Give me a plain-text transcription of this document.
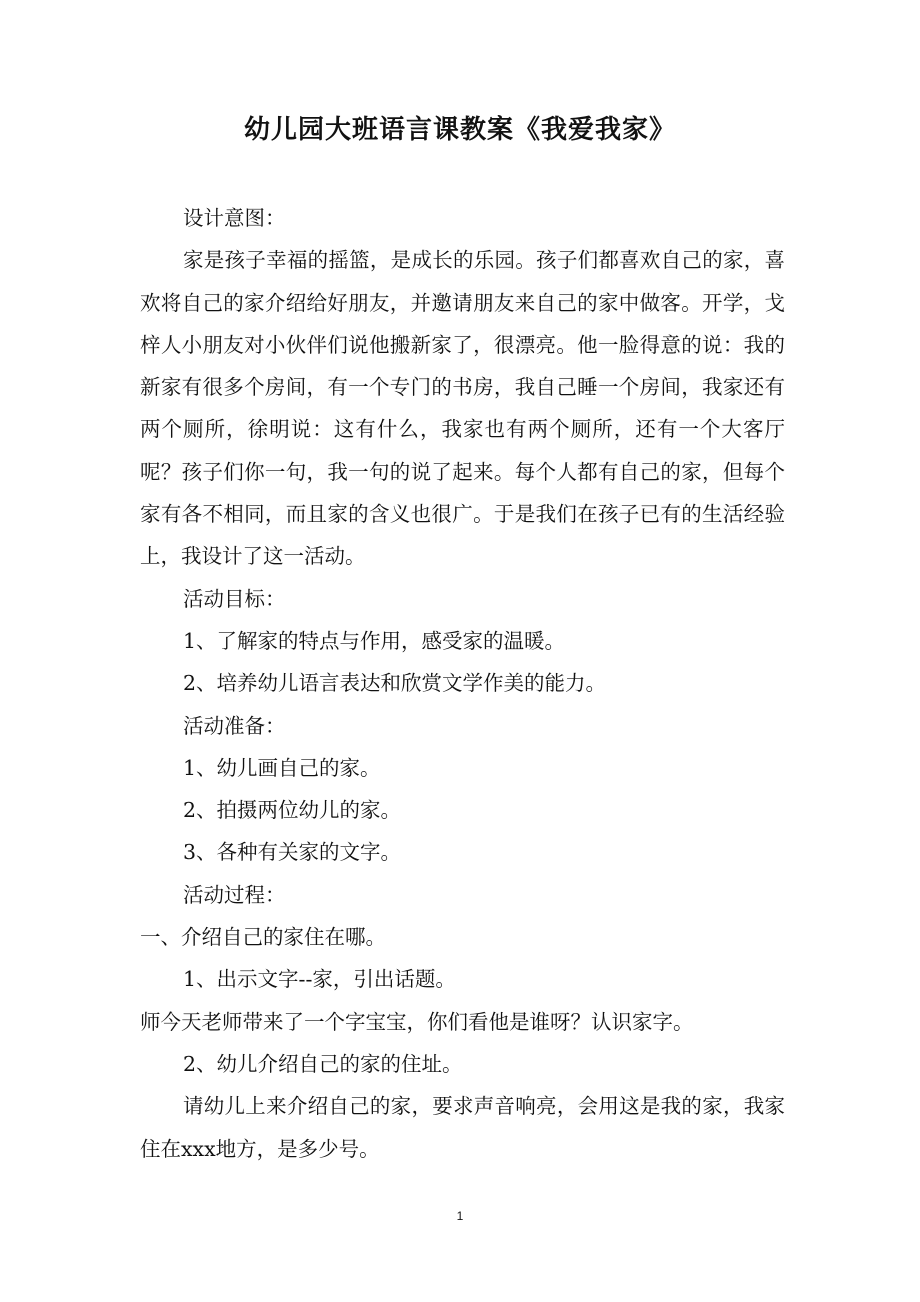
幼儿园大班语言课教案《我爱我家》

设计意图：

家是孩子幸福的摇篮，是成长的乐园。孩子们都喜欢自己的家，喜欢将自己的家介绍给好朋友，并邀请朋友来自己的家中做客。开学，戈梓人小朋友对小伙伴们说他搬新家了，很漂亮。他一脸得意的说：我的新家有很多个房间，有一个专门的书房，我自己睡一个房间，我家还有两个厕所，徐明说：这有什么，我家也有两个厕所，还有一个大客厅呢？孩子们你一句，我一句的说了起来。每个人都有自己的家，但每个家有各不相同，而且家的含义也很广。于是我们在孩子已有的生活经验上，我设计了这一活动。

活动目标：

1、了解家的特点与作用，感受家的温暖。

2、培养幼儿语言表达和欣赏文学作美的能力。

活动准备：

1、幼儿画自己的家。

2、拍摄两位幼儿的家。

3、各种有关家的文字。

活动过程：

一、介绍自己的家住在哪。

1、出示文字--家，引出话题。

师今天老师带来了一个字宝宝，你们看他是谁呀？认识家字。

2、幼儿介绍自己的家的住址。

请幼儿上来介绍自己的家，要求声音响亮，会用这是我的家，我家住在xxx地方，是多少号。

1
